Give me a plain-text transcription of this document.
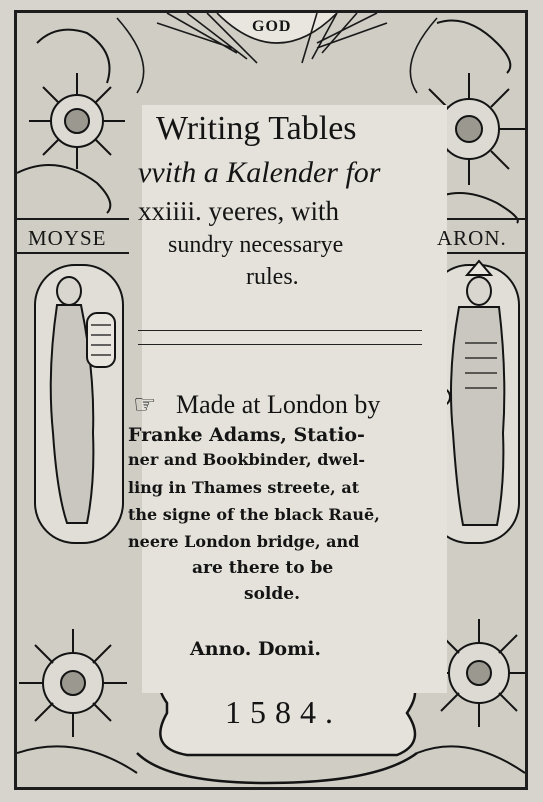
GOD
MOYSE	ARON.
Writing Tables
vvith a Kalender for
xxiiii. yeeres, with
sundry necessarye
rules.
☞ Made at London by
Franke Adams, Statio-
ner and Bookbinder, dwel-
ling in Thames streete, at
the signe of the black Rauē,
neere London bridge, and
are there to be
solde.
Anno. Domi.
1584.
